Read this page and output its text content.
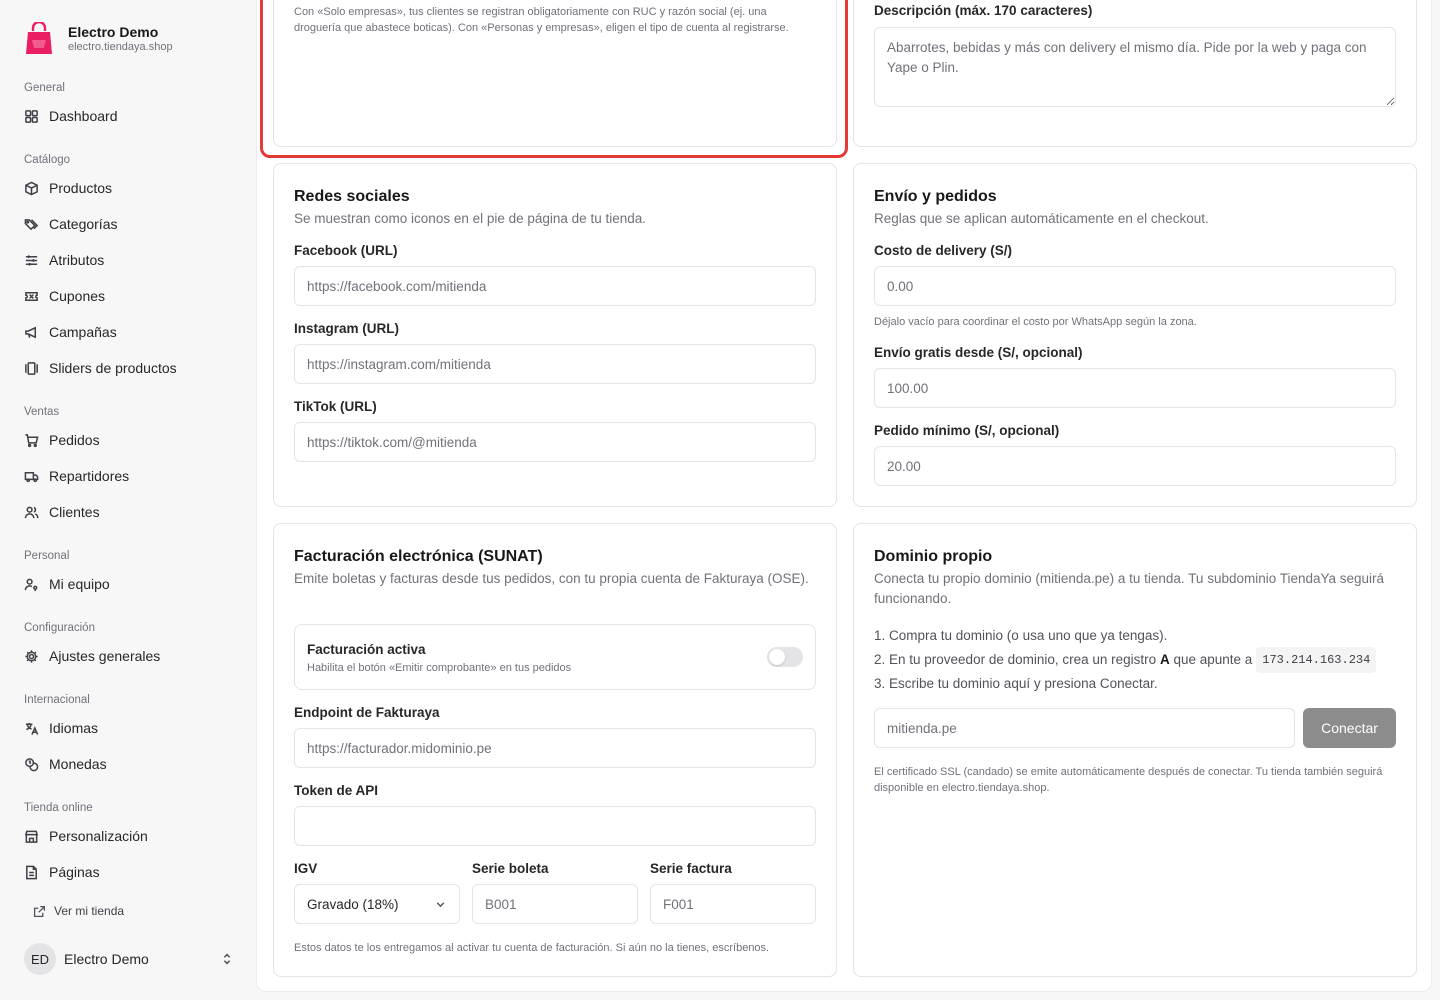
Electro Demo
electro.tiendaya.shop
General
Dashboard
Catálogo
Productos
Categorías
Atributos
Cupones
Campañas
Sliders de productos
Ventas
Pedidos
Repartidores
Clientes
Personal
Mi equipo
Configuración
Ajustes generales
Internacional
Idiomas
Monedas
Tienda online
Personalización
Páginas
Ver mi tienda
ED	Electro Demo
Con «Solo empresas», tus clientes se registran obligatoriamente con RUC y razón social (ej. una droguería que abastece boticas). Con «Personas y empresas», eligen el tipo de cuenta al registrarse.
Descripción (máx. 170 caracteres)
Abarrotes, bebidas y más con delivery el mismo día. Pide por la web y paga con Yape o Plin.
Redes sociales
Se muestran como iconos en el pie de página de tu tienda.
Facebook (URL)
https://facebook.com/mitienda
Instagram (URL)
https://instagram.com/mitienda
TikTok (URL)
https://tiktok.com/@mitienda
Envío y pedidos
Reglas que se aplican automáticamente en el checkout.
Costo de delivery (S/)
0.00
Déjalo vacío para coordinar el costo por WhatsApp según la zona.
Envío gratis desde (S/, opcional)
100.00
Pedido mínimo (S/, opcional)
20.00
Facturación electrónica (SUNAT)
Emite boletas y facturas desde tus pedidos, con tu propia cuenta de Fakturaya (OSE).
Facturación activa
Habilita el botón «Emitir comprobante» en tus pedidos
Endpoint de Fakturaya
https://facturador.midominio.pe
Token de API
IGV
Gravado (18%)
Serie boleta
B001	Serie factura
F001
Estos datos te los entregamos al activar tu cuenta de facturación. Si aún no la tienes, escríbenos.
Dominio propio
Conecta tu propio dominio (mitienda.pe) a tu tienda. Tu subdominio TiendaYa seguirá funcionando.
1. Compra tu dominio (o usa uno que ya tengas).
2. En tu proveedor de dominio, crea un registro
A
que apunte a 173.214.163.234
3. Escribe tu dominio aquí y presiona Conectar.
mitienda.pe
Conectar
El certificado SSL (candado) se emite automáticamente después de conectar. Tu tienda también seguirá disponible en electro.tiendaya.shop.
